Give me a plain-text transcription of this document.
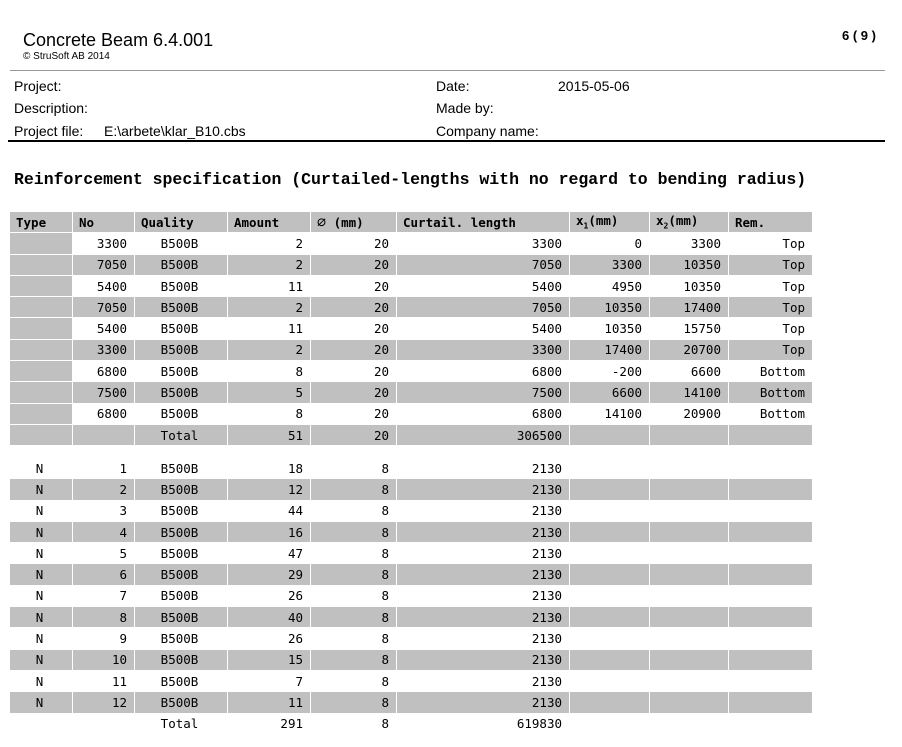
Concrete Beam 6.4.001
© StruSoft AB 2014
6 ( 9 )
Project:
Description:
Project file: E:\arbete\klar_B10.cbs
Date:	2015-05-06
Made by:
Company name:
Reinforcement specification (Curtailed-lengths with no regard to bending radius)
Type	No	Quality	Amount	⌀ (mm)	Curtail. length	$x_1(mm)$	$x_2(mm)$	Rem.
	3300	B500B	2	20	3300	0	3300	Top
	7050	B500B	2	20	7050	3300	10350	Top
	5400	B500B	11	20	5400	4950	10350	Top
	7050	B500B	2	20	7050	10350	17400	Top
	5400	B500B	11	20	5400	10350	15750	Top
	3300	B500B	2	20	3300	17400	20700	Top
	6800	B500B	8	20	6800	-200	6600	Bottom
	7500	B500B	5	20	7500	6600	14100	Bottom
	6800	B500B	8	20	6800	14100	20900	Bottom
		Total	51	20	306500			
N	1	B500B	18	8	2130			
N	2	B500B	12	8	2130			
N	3	B500B	44	8	2130			
N	4	B500B	16	8	2130			
N	5	B500B	47	8	2130			
N	6	B500B	29	8	2130			
N	7	B500B	26	8	2130			
N	8	B500B	40	8	2130			
N	9	B500B	26	8	2130			
N	10	B500B	15	8	2130			
N	11	B500B	7	8	2130			
N	12	B500B	11	8	2130			
		Total	291	8	619830			
